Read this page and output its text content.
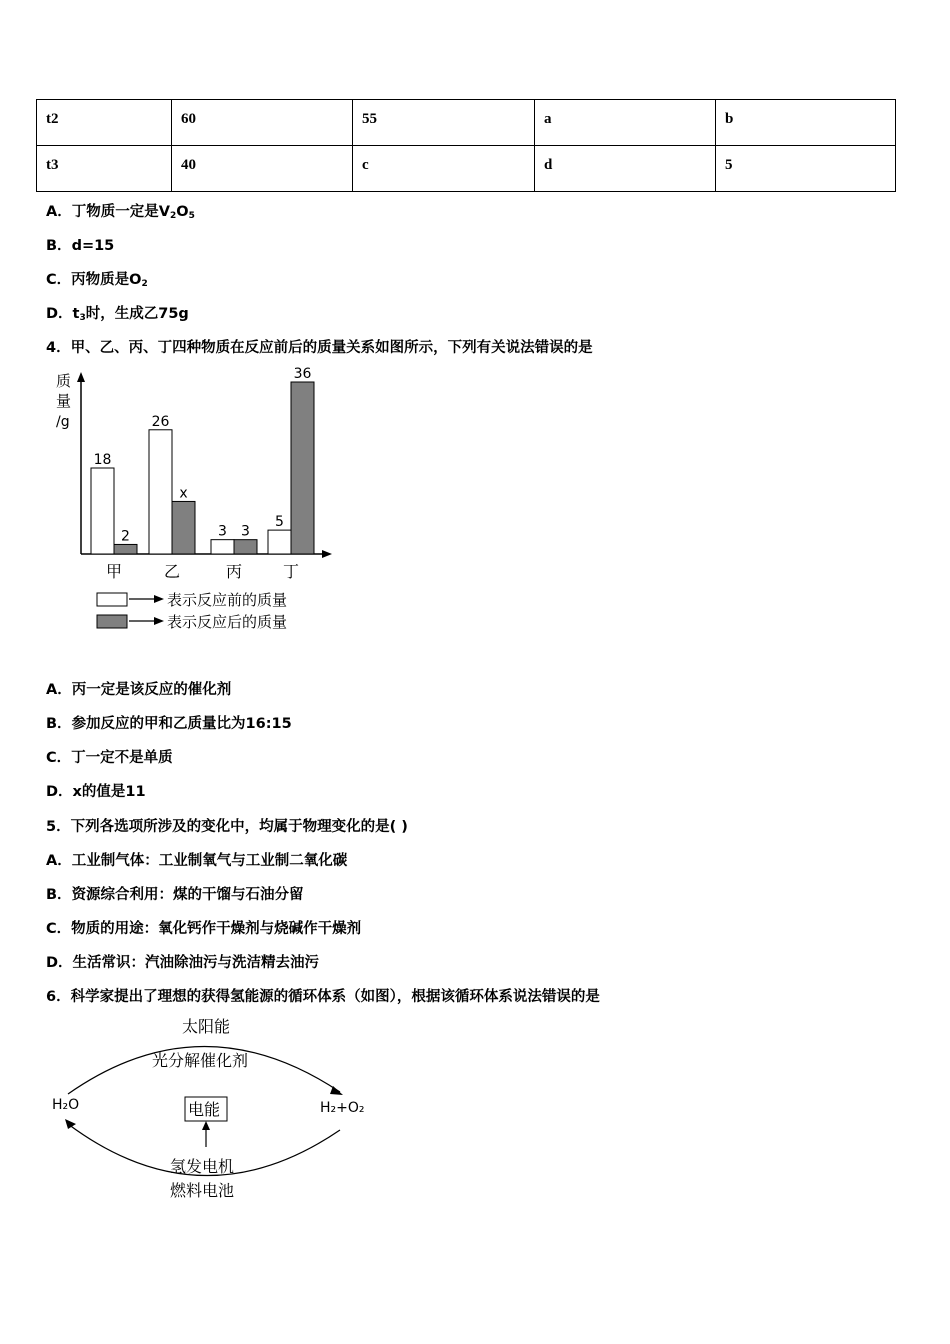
t2	60	55	a	b
t3	40	c	d	5
A．丁物质一定是$V_2O_5$
B．d=15
C．丙物质是$O_2$
D．$t_3$时，生成乙75g
4．甲、乙、丙、丁四种物质在反应前后的质量关系如图所示，下列有关说法错误的是
质
量
/g
18
2
26
x
3 3
5
36
甲	乙	丙	丁
表示反应前的质量
表示反应后的质量
A．丙一定是该反应的催化剂
B．参加反应的甲和乙质量比为16:15
C．丁一定不是单质
D．x的值是11
5．下列各选项所涉及的变化中，均属于物理变化的是( )
A．工业制气体：工业制氧气与工业制二氧化碳
B．资源综合利用：煤的干馏与石油分留
C．物质的用途：氧化钙作干燥剂与烧碱作干燥剂
D．生活常识：汽油除油污与洗洁精去油污
6．科学家提出了理想的获得氢能源的循环体系（如图），根据该循环体系说法错误的是
太阳能
光分解催化剂
H₂O	H₂+O₂
电能
氢发电机
燃料电池
